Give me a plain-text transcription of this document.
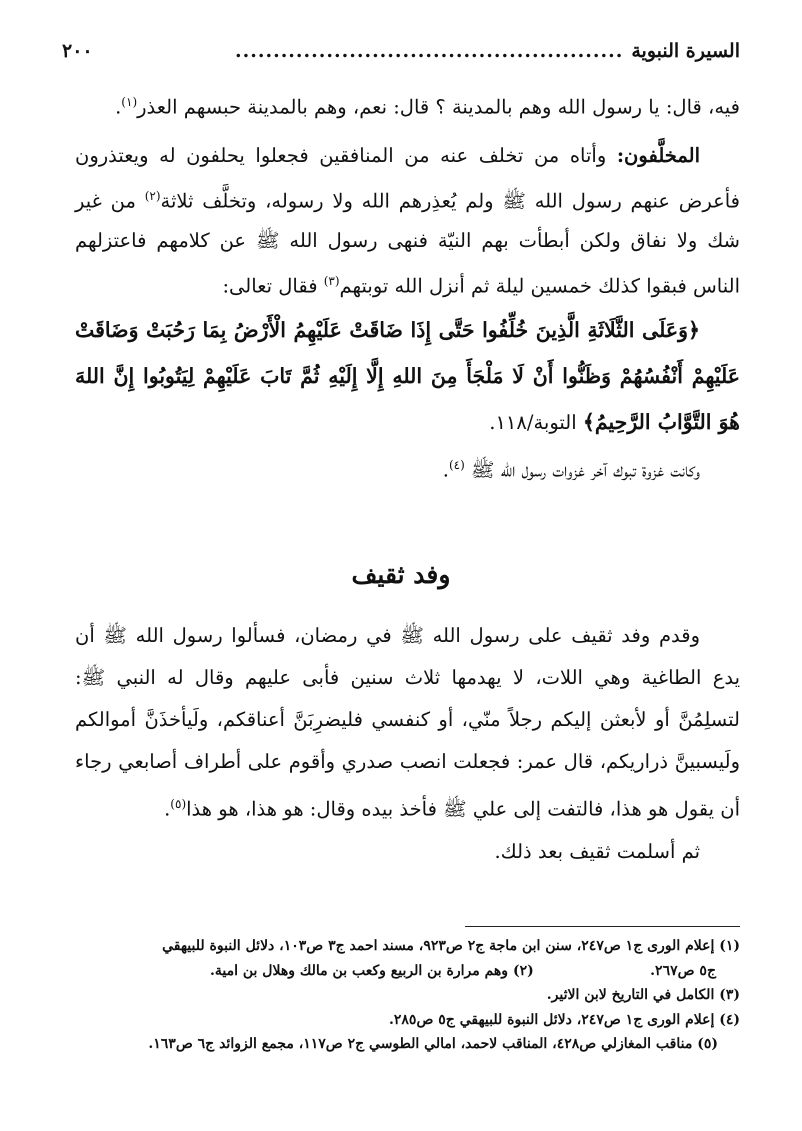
السيرة النبوية
...................................................
٢٠٠

فيه، قال: يا رسول الله وهم بالمدينة ؟ قال: نعم، وهم بالمدينة حبسهم العذر$^{(١)}$.

المخلَّفون: وأتاه من تخلف عنه من المنافقين فجعلوا يحلفون له ويعتذرون فأعرض عنهم رسول الله ﷺ ولم يُعذِرهم الله ولا رسوله، وتخلَّف ثلاثة$^{(٢)}$ من غير شك ولا نفاق ولكن أبطأت بهم النيّة فنهى رسول الله ﷺ عن كلامهم فاعتزلهم الناس فبقوا كذلك خمسين ليلة ثم أنزل الله توبتهم$^{(٣)}$ فقال تعالى:

﴿وَعَلَى الثَّلَاثَةِ الَّذِينَ خُلِّفُوا حَتَّى إِذَا ضَاقَتْ عَلَيْهِمُ الْأَرْضُ بِمَا رَحُبَتْ وَضَاقَتْ عَلَيْهِمْ أَنْفُسُهُمْ وَظَنُّوا أَنْ لَا مَلْجَأَ مِنَ اللهِ إِلَّا إِلَيْهِ ثُمَّ تَابَ عَلَيْهِمْ لِيَتُوبُوا إِنَّ اللهَ هُوَ التَّوَّابُ الرَّحِيمُ﴾ التوبة/١١٨.

وكانت غزوة تبوك آخر غزوات رسول الله ﷺ $^{(٤)}$.

وفد ثقيف

وقدم وفد ثقيف على رسول الله ﷺ في رمضان، فسألوا رسول الله ﷺ أن يدع الطاغية وهي اللات، لا يهدمها ثلاث سنين فأبى عليهم وقال له النبي ﷺ: لتسلِمُنَّ أو لأبعثن إليكم رجلاً منّي، أو كنفسي فليضرِبَنَّ أعناقكم، ولَيأخذَنَّ أموالكم ولَيسبينَّ ذراريكم، قال عمر: فجعلت انصب صدري وأقوم على أطراف أصابعي رجاء أن يقول هو هذا، فالتفت إلى علي ﷺ فأخذ بيده وقال: هو هذا، هو هذا$^{(٥)}$.

ثم أسلمت ثقيف بعد ذلك.

(١) إعلام الورى ج١ ص٢٤٧، سنن ابن ماجة ج٢ ص٩٢٣، مسند احمد ج٣ ص١٠٣، دلائل النبوة للبيهقي

ج٥ ص٢٦٧.
(٢) وهم مرارة بن الربيع وكعب بن مالك وهلال بن امية.

(٣) الكامل في التاريخ لابن الاثير.

(٤) إعلام الورى ج١ ص٢٤٧، دلائل النبوة للبيهقي ج٥ ص٢٨٥.

(٥) مناقب المغازلي ص٤٢٨، المناقب لاحمد، امالي الطوسي ج٢ ص١١٧، مجمع الزوائد ج٦ ص١٦٣.
